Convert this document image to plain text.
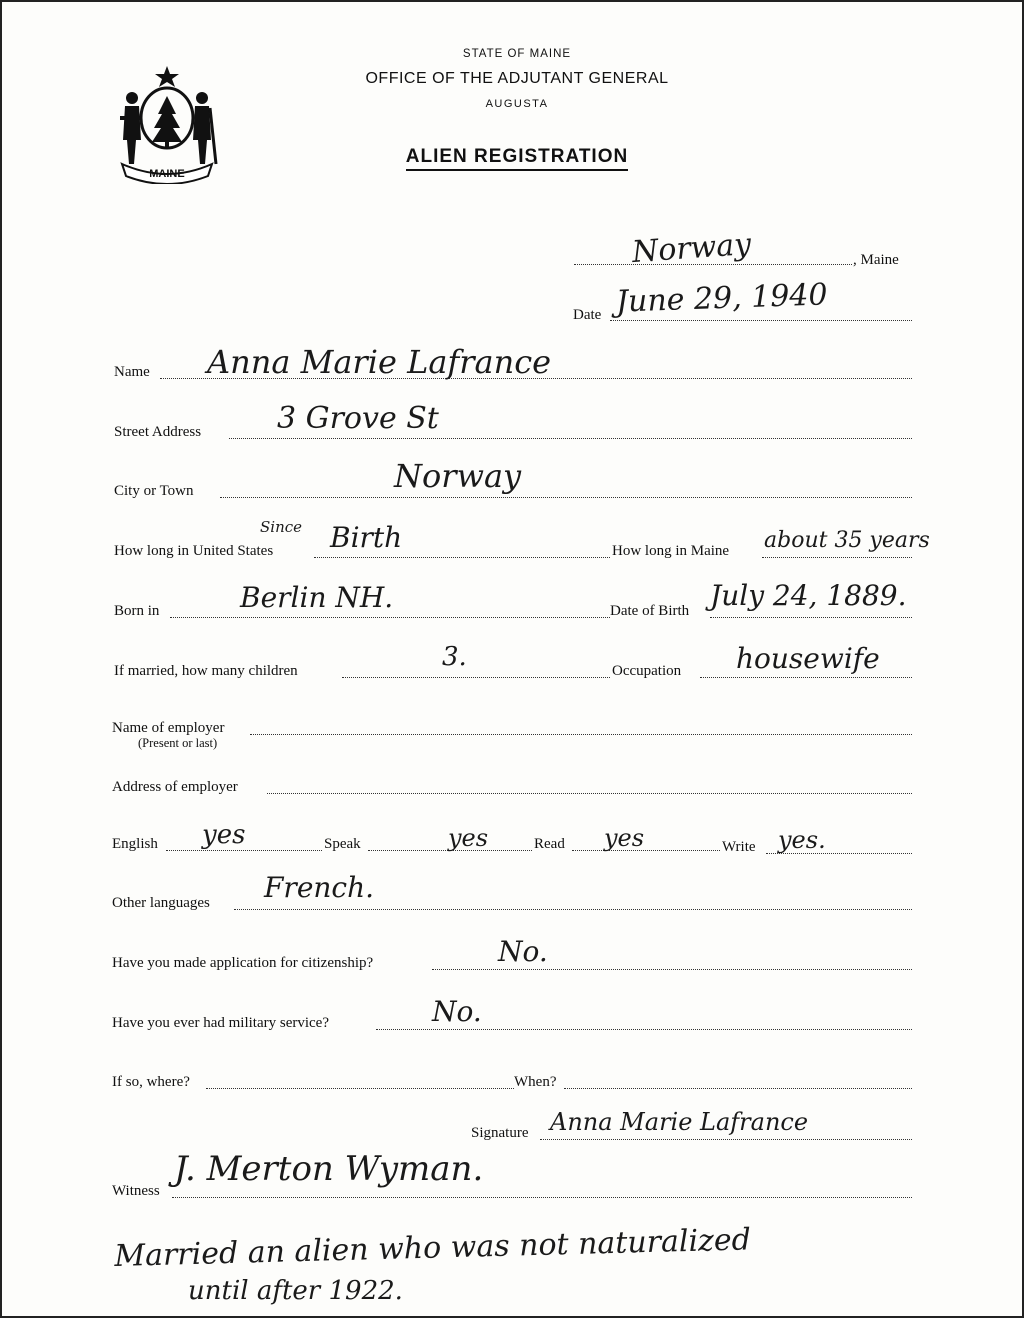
MAINE
STATE OF MAINE
OFFICE OF THE ADJUTANT GENERAL
AUGUSTA
ALIEN REGISTRATION
, Maine
Norway
Date June 29, 1940
Name Anna Marie Lafrance
Street Address	3 Grove St
City or Town	Norway
How long in United States
Since Birth	How long in Maine about 35 years
Born in	Berlin NH.	Date of Birth July 24, 1889.
If married, how many children	3.	Occupation housewife
Name of employer
(Present or last)
Address of employer
English yes	Speak	yes	Read yes	Write yes.
Other languages French.
Have you made application for citizenship?	No.
Have you ever had military service?	No.
If so, where?	When?
Signature Anna Marie Lafrance
Witness
J. Merton Wyman.
Married an alien who was not naturalized
until after 1922.
